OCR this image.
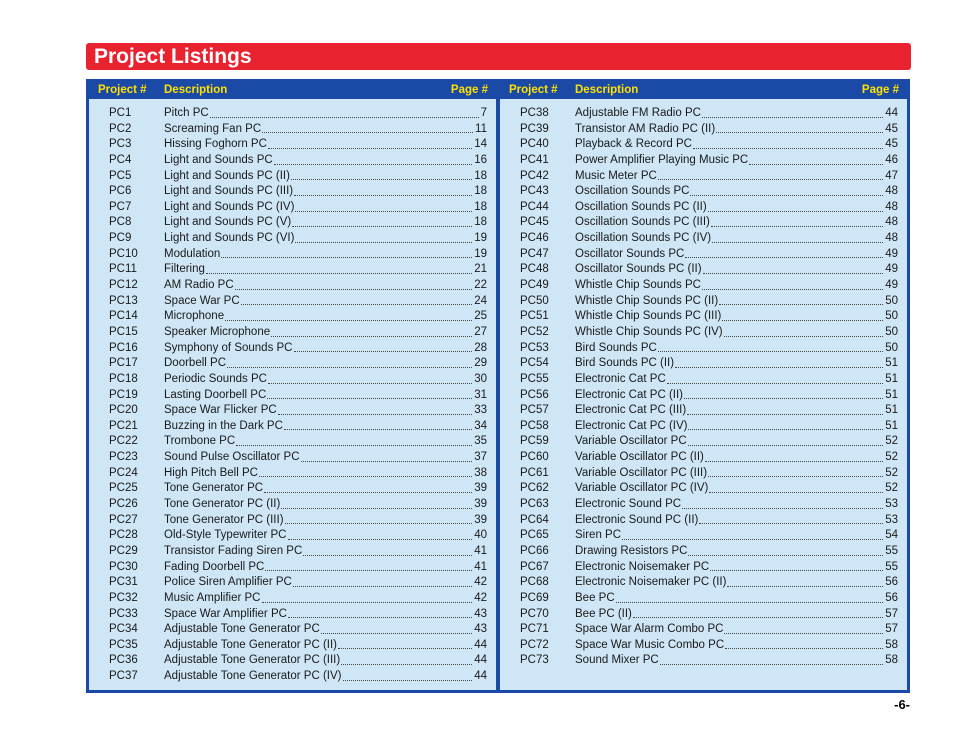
Project Listings
Project # Description	Page #
PC1	Pitch PC	7
PC2	Screaming Fan PC	11
PC3	Hissing Foghorn PC	14
PC4	Light and Sounds PC	16
PC5	Light and Sounds PC (II)	18
PC6	Light and Sounds PC (III)	18
PC7	Light and Sounds PC (IV)	18
PC8	Light and Sounds PC (V)	18
PC9	Light and Sounds PC (VI)	19
PC10 Modulation	19
PC11 Filtering	21
PC12 AM Radio PC	22
PC13 Space War PC	24
PC14 Microphone	25
PC15 Speaker Microphone	27
PC16 Symphony of Sounds PC	28
PC17 Doorbell PC	29
PC18 Periodic Sounds PC	30
PC19 Lasting Doorbell PC	31
PC20 Space War Flicker PC	33
PC21 Buzzing in the Dark PC	34
PC22 Trombone PC	35
PC23 Sound Pulse Oscillator PC	37
PC24 High Pitch Bell PC	38
PC25 Tone Generator PC	39
PC26 Tone Generator PC (II)	39
PC27 Tone Generator PC (III)	39
PC28 Old-Style Typewriter PC	40
PC29 Transistor Fading Siren PC	41
PC30 Fading Doorbell PC	41
PC31 Police Siren Amplifier PC	42
PC32 Music Amplifier PC	42
PC33 Space War Amplifier PC	43
PC34 Adjustable Tone Generator PC	43
PC35 Adjustable Tone Generator PC (II)	44
PC36 Adjustable Tone Generator PC (III)	44
PC37 Adjustable Tone Generator PC (IV)	44
Project # Description	Page #
PC38 Adjustable FM Radio PC	44
PC39 Transistor AM Radio PC (II)	45
PC40 Playback & Record PC	45
PC41 Power Amplifier Playing Music PC	46
PC42 Music Meter PC	47
PC43 Oscillation Sounds PC	48
PC44 Oscillation Sounds PC (II)	48
PC45 Oscillation Sounds PC (III)	48
PC46 Oscillation Sounds PC (IV)	48
PC47 Oscillator Sounds PC	49
PC48 Oscillator Sounds PC (II)	49
PC49 Whistle Chip Sounds PC	49
PC50 Whistle Chip Sounds PC (II)	50
PC51 Whistle Chip Sounds PC (III)	50
PC52 Whistle Chip Sounds PC (IV)	50
PC53 Bird Sounds PC	50
PC54 Bird Sounds PC (II)	51
PC55 Electronic Cat PC	51
PC56 Electronic Cat PC (II)	51
PC57 Electronic Cat PC (III)	51
PC58 Electronic Cat PC (IV)	51
PC59 Variable Oscillator PC	52
PC60 Variable Oscillator PC (II)	52
PC61 Variable Oscillator PC (III)	52
PC62 Variable Oscillator PC (IV)	52
PC63 Electronic Sound PC	53
PC64 Electronic Sound PC (II)	53
PC65 Siren PC	54
PC66 Drawing Resistors PC	55
PC67 Electronic Noisemaker PC	55
PC68 Electronic Noisemaker PC (II)	56
PC69 Bee PC	56
PC70 Bee PC (II)	57
PC71 Space War Alarm Combo PC	57
PC72 Space War Music Combo PC	58
PC73 Sound Mixer PC	58
-6-
